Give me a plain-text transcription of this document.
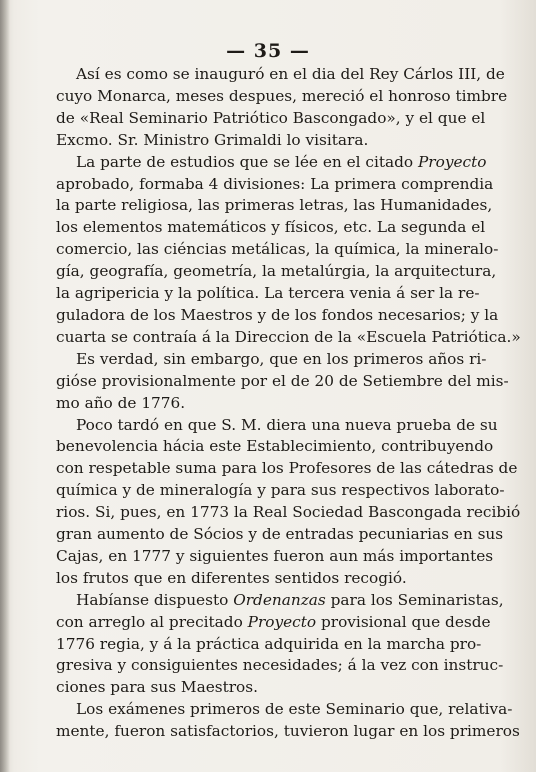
— 35 —

Así es como se inauguró en el dia del Rey Cárlos III, de
cuyo Monarca, meses despues, mereció el honroso timbre
de «Real Seminario Patriótico Bascongado», y el que el
Excmo. Sr. Ministro Grimaldi lo visitara.

La parte de estudios que se lée en el citado Proyecto
aprobado, formaba 4 divisiones: La primera comprendia
la parte religiosa, las primeras letras, las Humanidades,
los elementos matemáticos y físicos, etc. La segunda el
comercio, las ciéncias metálicas, la química, la mineralo-
gía, geografía, geometría, la metalúrgia, la arquitectura,
la agripericia y la política. La tercera venia á ser la re-
guladora de los Maestros y de los fondos necesarios; y la
cuarta se contraía á la Direccion de la «Escuela Patriótica.»

Es verdad, sin embargo, que en los primeros años ri-
gióse provisionalmente por el de 20 de Setiembre del mis-
mo año de 1776.

Poco tardó en que S. M. diera una nueva prueba de su
benevolencia hácia este Establecimiento, contribuyendo
con respetable suma para los Profesores de las cátedras de
química y de mineralogía y para sus respectivos laborato-
rios. Si, pues, en 1773 la Real Sociedad Bascongada recibió
gran aumento de Sócios y de entradas pecuniarias en sus
Cajas, en 1777 y siguientes fueron aun más importantes
los frutos que en diferentes sentidos recogió.

Habíanse dispuesto Ordenanzas para los Seminaristas,
con arreglo al precitado Proyecto provisional que desde
1776 regia, y á la práctica adquirida en la marcha pro-
gresiva y consiguientes necesidades; á la vez con instruc-
ciones para sus Maestros.

Los exámenes primeros de este Seminario que, relativa-
mente, fueron satisfactorios, tuvieron lugar en los primeros
